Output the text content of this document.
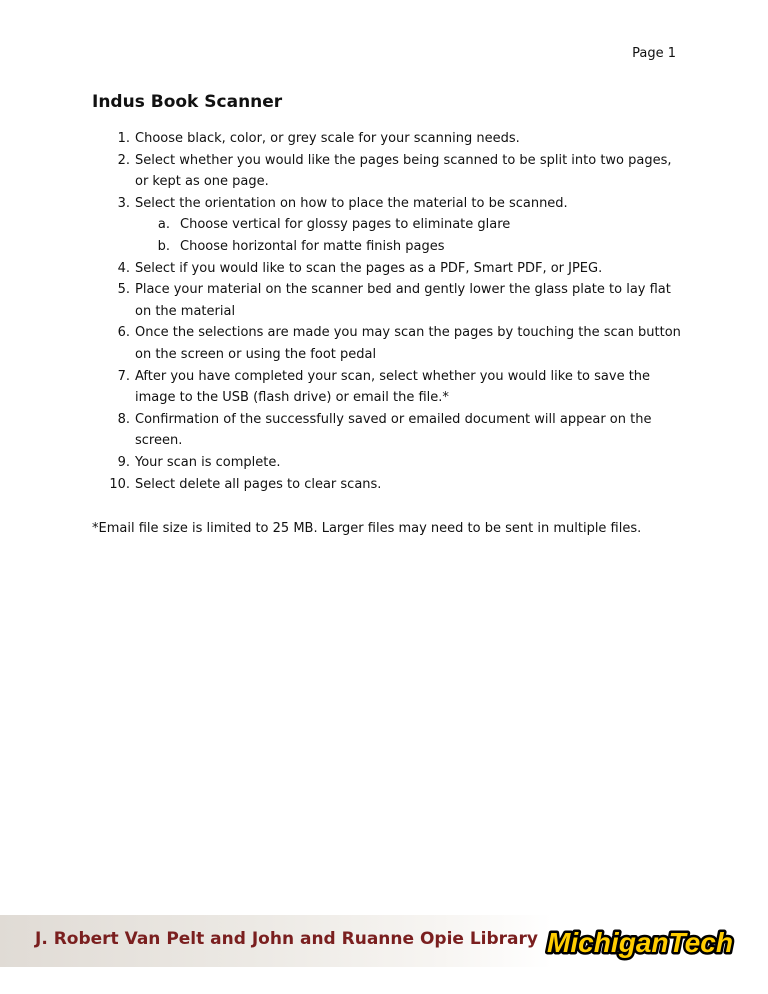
Page 1
Indus Book Scanner
1. Choose black, color, or grey scale for your scanning needs.
2. Select whether you would like the pages being scanned to be split into two pages, or kept as one page.
3. Select the orientation on how to place the material to be scanned.
a. Choose vertical for glossy pages to eliminate glare
b. Choose horizontal for matte finish pages
4. Select if you would like to scan the pages as a PDF, Smart PDF, or JPEG.
5. Place your material on the scanner bed and gently lower the glass plate to lay flat on the material
6. Once the selections are made you may scan the pages by touching the scan button on the screen or using the foot pedal
7. After you have completed your scan, select whether you would like to save the image to the USB (flash drive) or email the file.*
8. Confirmation of the successfully saved or emailed document will appear on the screen.
9. Your scan is complete.
10. Select delete all pages to clear scans.

*Email file size is limited to 25 MB. Larger files may need to be sent in multiple files.

J. Robert Van Pelt and John and Ruanne Opie Library MichiganTech
